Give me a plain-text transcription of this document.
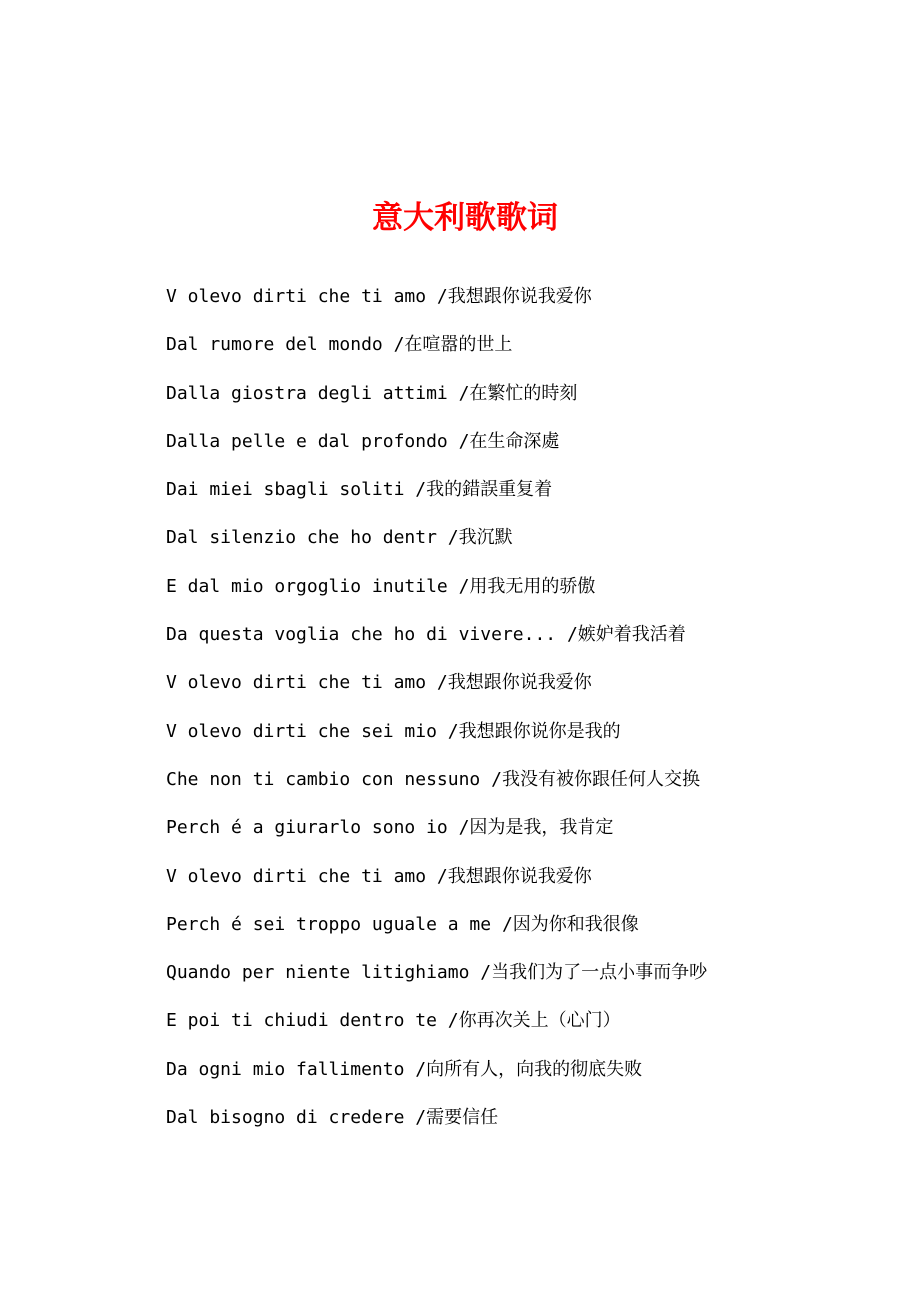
意大利歌歌词
V olevo dirti che ti amo /我想跟你说我爱你
Dal rumore del mondo /在喧嚣的世上
Dalla giostra degli attimi /在繁忙的時刻
Dalla pelle e dal profondo /在生命深處
Dai miei sbagli soliti /我的錯誤重复着
Dal silenzio che ho dentr /我沉默
E dal mio orgoglio inutile /用我无用的骄傲
Da questa voglia che ho di vivere... /嫉妒着我活着
V olevo dirti che ti amo /我想跟你说我爱你
V olevo dirti che sei mio /我想跟你说你是我的
Che non ti cambio con nessuno /我没有被你跟任何人交换
Perch é a giurarlo sono io /因为是我，我肯定
V olevo dirti che ti amo /我想跟你说我爱你
Perch é sei troppo uguale a me /因为你和我很像
Quando per niente litighiamo /当我们为了一点小事而争吵
E poi ti chiudi dentro te /你再次关上（心门）
Da ogni mio fallimento /向所有人，向我的彻底失败
Dal bisogno di credere /需要信任
